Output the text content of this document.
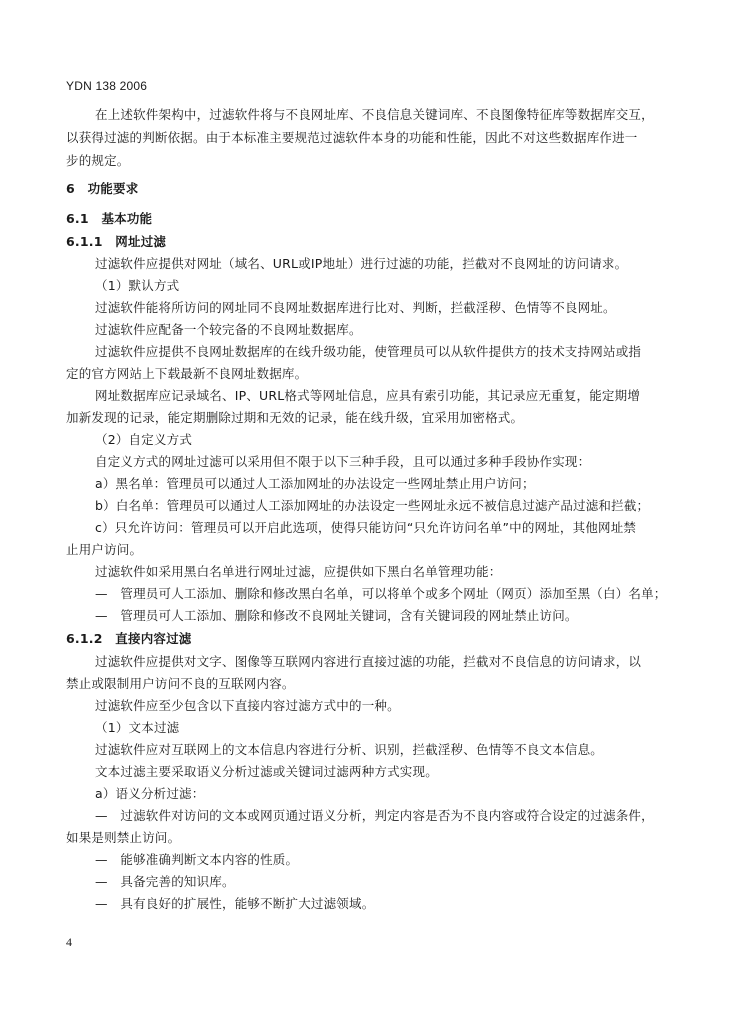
YDN 138 2006
在上述软件架构中，过滤软件将与不良网址库、不良信息关键词库、不良图像特征库等数据库交互，
以获得过滤的判断依据。由于本标准主要规范过滤软件本身的功能和性能，因此不对这些数据库作进一
步的规定。
6　功能要求
6.1　基本功能
6.1.1　网址过滤
过滤软件应提供对网址（域名、URL或IP地址）进行过滤的功能，拦截对不良网址的访问请求。
（1）默认方式
过滤软件能将所访问的网址同不良网址数据库进行比对、判断，拦截淫秽、色情等不良网址。
过滤软件应配备一个较完备的不良网址数据库。
过滤软件应提供不良网址数据库的在线升级功能，使管理员可以从软件提供方的技术支持网站或指
定的官方网站上下载最新不良网址数据库。
网址数据库应记录域名、IP、URL格式等网址信息，应具有索引功能，其记录应无重复，能定期增
加新发现的记录，能定期删除过期和无效的记录，能在线升级，宜采用加密格式。
（2）自定义方式
自定义方式的网址过滤可以采用但不限于以下三种手段，且可以通过多种手段协作实现：
a）黑名单：管理员可以通过人工添加网址的办法设定一些网址禁止用户访问；
b）白名单：管理员可以通过人工添加网址的办法设定一些网址永远不被信息过滤产品过滤和拦截；
c）只允许访问：管理员可以开启此选项，使得只能访问“只允许访问名单”中的网址，其他网址禁
止用户访问。
过滤软件如采用黑白名单进行网址过滤，应提供如下黑白名单管理功能：
—　管理员可人工添加、删除和修改黑白名单，可以将单个或多个网址（网页）添加至黑（白）名单；
—　管理员可人工添加、删除和修改不良网址关键词，含有关键词段的网址禁止访问。
6.1.2　直接内容过滤
过滤软件应提供对文字、图像等互联网内容进行直接过滤的功能，拦截对不良信息的访问请求，以
禁止或限制用户访问不良的互联网内容。
过滤软件应至少包含以下直接内容过滤方式中的一种。
（1）文本过滤
过滤软件应对互联网上的文本信息内容进行分析、识别，拦截淫秽、色情等不良文本信息。
文本过滤主要采取语义分析过滤或关键词过滤两种方式实现。
a）语义分析过滤：
—　过滤软件对访问的文本或网页通过语义分析，判定内容是否为不良内容或符合设定的过滤条件，
如果是则禁止访问。
—　能够准确判断文本内容的性质。
—　具备完善的知识库。
—　具有良好的扩展性，能够不断扩大过滤领域。
4
